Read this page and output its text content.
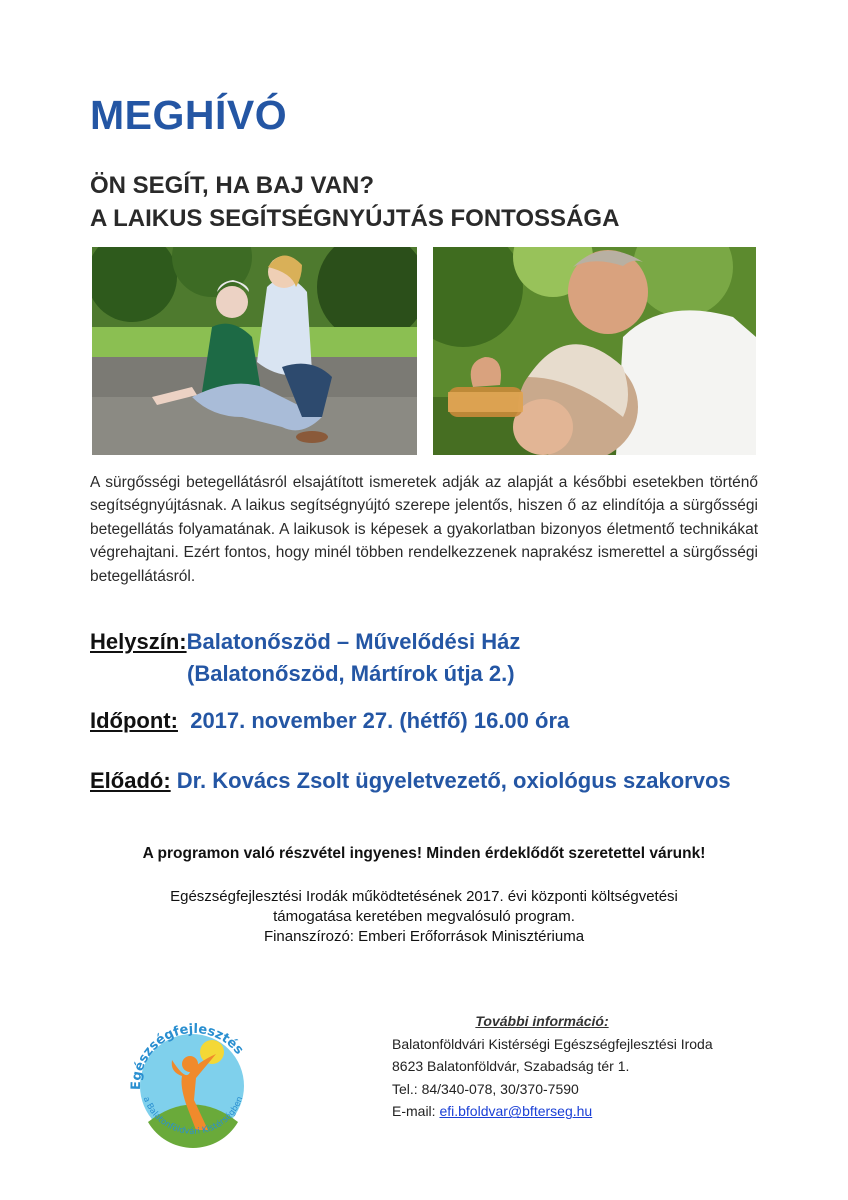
MEGHÍVÓ
ÖN SEGÍT, HA BAJ VAN?
A LAIKUS SEGÍTSÉGNYÚJTÁS FONTOSSÁGA

A sürgősségi betegellátásról elsajátított ismeretek adják az alapját a későbbi esetekben történő segítségnyújtásnak. A laikus segítségnyújtó szerepe jelentős, hiszen ő az elindítója a sürgősségi betegellátás folyamatának. A laikusok is képesek a gyakorlatban bizonyos életmentő technikákat végrehajtani. Ezért fontos, hogy minél többen rendelkezzenek naprakész ismerettel a sürgősségi betegellátásról.

Helyszín:Balatonőszöd – Művelődési Ház
(Balatonőszöd, Mártírok útja 2.)
Időpont: 2017. november 27. (hétfő) 16.00 óra
Előadó: Dr. Kovács Zsolt ügyeletvezető, oxiológus szakorvos
A programon való részvétel ingyenes! Minden érdeklődőt szeretettel várunk!
Egészségfejlesztési Irodák működtetésének 2017. évi központi költségvetési
támogatása keretében megvalósuló program.
Finanszírozó: Emberi Erőforrások Minisztériuma
Egészségfejlesztés
a Balatonföldvári Kistérségben
További információ:
Balatonföldvári Kistérségi Egészségfejlesztési Iroda
8623 Balatonföldvár, Szabadság tér 1.
Tel.: 84/340-078, 30/370-7590
E-mail: efi.bfoldvar@bfterseg.hu
